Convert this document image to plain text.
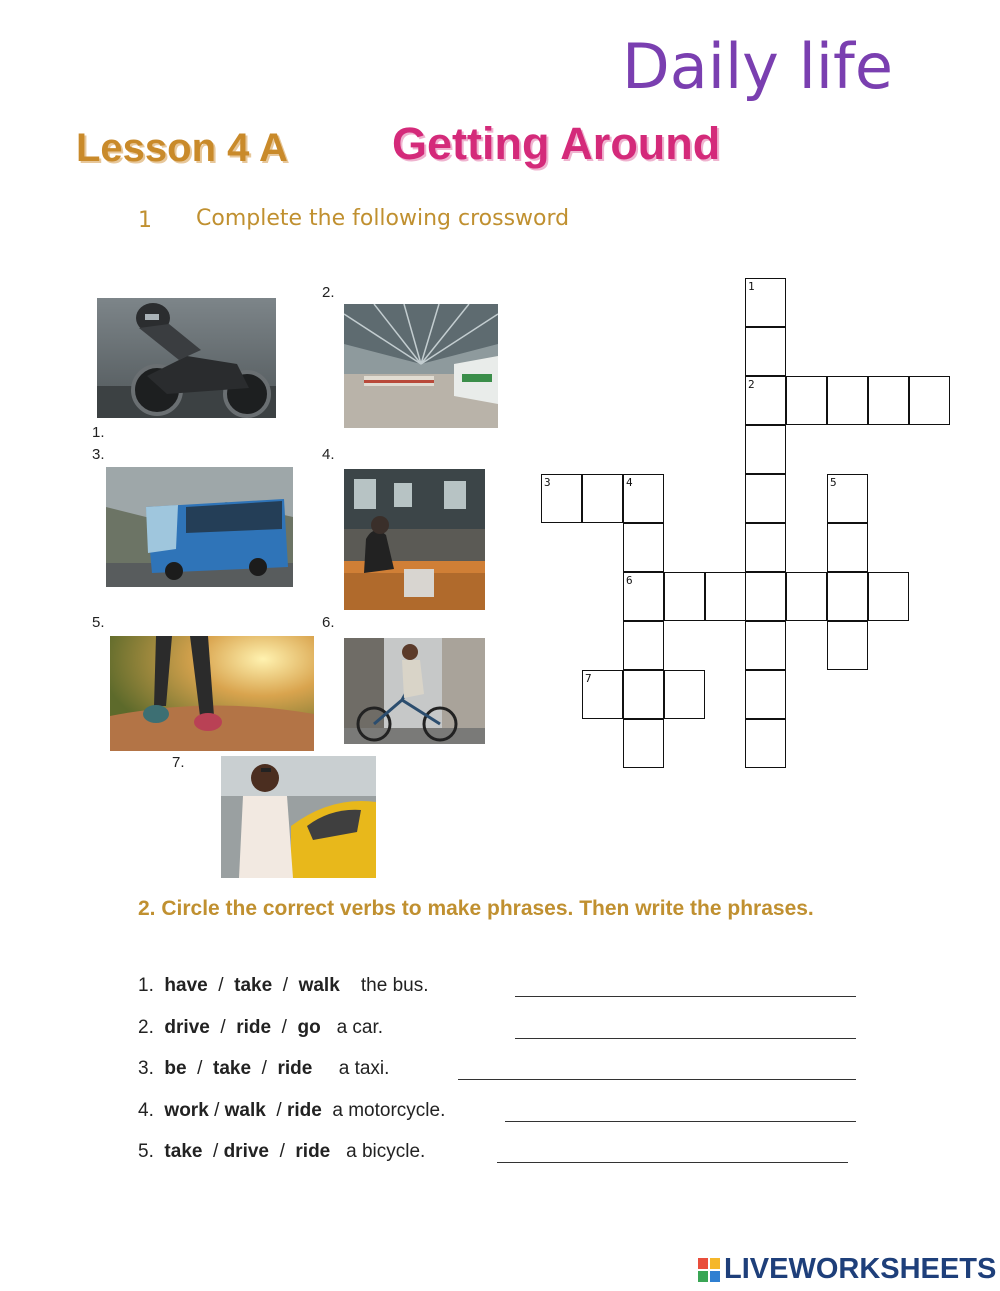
Daily life
Lesson 4 A Getting Around
1 Complete the following crossword
2.
1.
3.	4.
5.	6.
7.
1
2
3	4
6
5
7
2. Circle the correct verbs to make phrases. Then write the phrases.
1. have / take / walk the bus.
2. drive / ride / go a car.
3. be / take / ride a taxi.
4. work / walk / ride a motorcycle.
5. take / drive / ride a bicycle.
LIVEWORKSHEETS
